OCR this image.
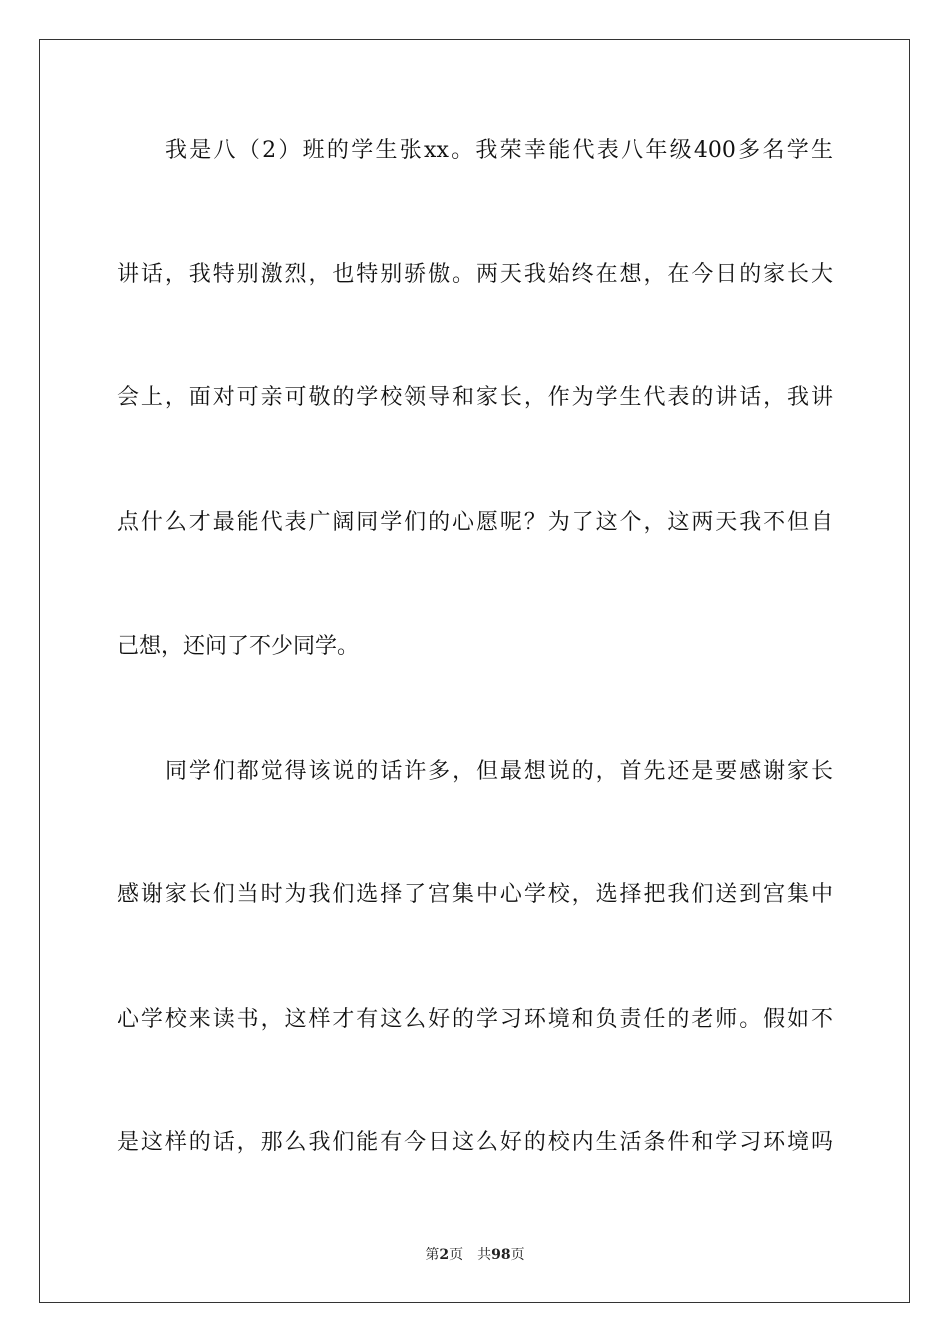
我是八（2）班的学生张xx。我荣幸能代表八年级400多名学生
讲话，我特别激烈，也特别骄傲。两天我始终在想，在今日的家长大
会上，面对可亲可敬的学校领导和家长，作为学生代表的讲话，我讲
点什么才最能代表广阔同学们的心愿呢？为了这个，这两天我不但自
己想，还问了不少同学。
同学们都觉得该说的话许多，但最想说的，首先还是要感谢家长
感谢家长们当时为我们选择了宫集中心学校，选择把我们送到宫集中
心学校来读书，这样才有这么好的学习环境和负责任的老师。假如不
是这样的话，那么我们能有今日这么好的校内生活条件和学习环境吗
第2页 共98页
